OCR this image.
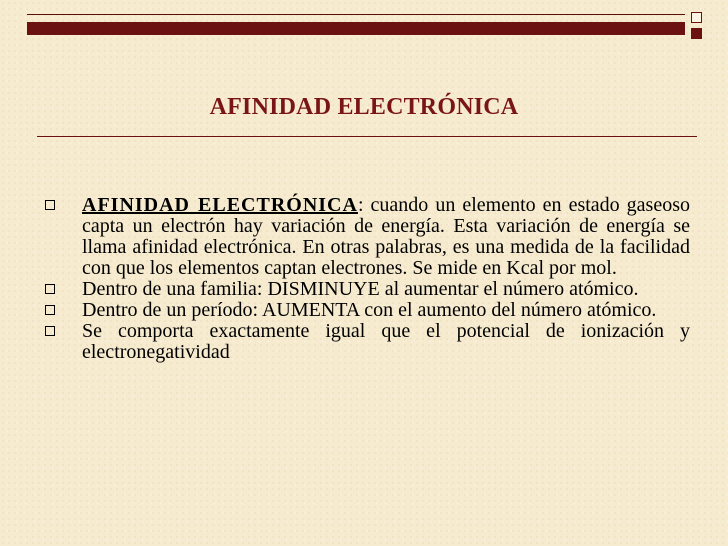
AFINIDAD ELECTRÓNICA
AFINIDAD ELECTRÓNICA: cuando un elemento en estado gaseoso capta un electrón hay variación de energía. Esta variación de energía se llama afinidad electrónica. En otras palabras, es una medida de la facilidad con que los elementos captan electrones. Se mide en Kcal por mol.
Dentro de una familia: DISMINUYE al aumentar el número atómico.
Dentro de un período: AUMENTA con el aumento del número atómico.
Se comporta exactamente igual que el potencial de ionización y electronegatividad
